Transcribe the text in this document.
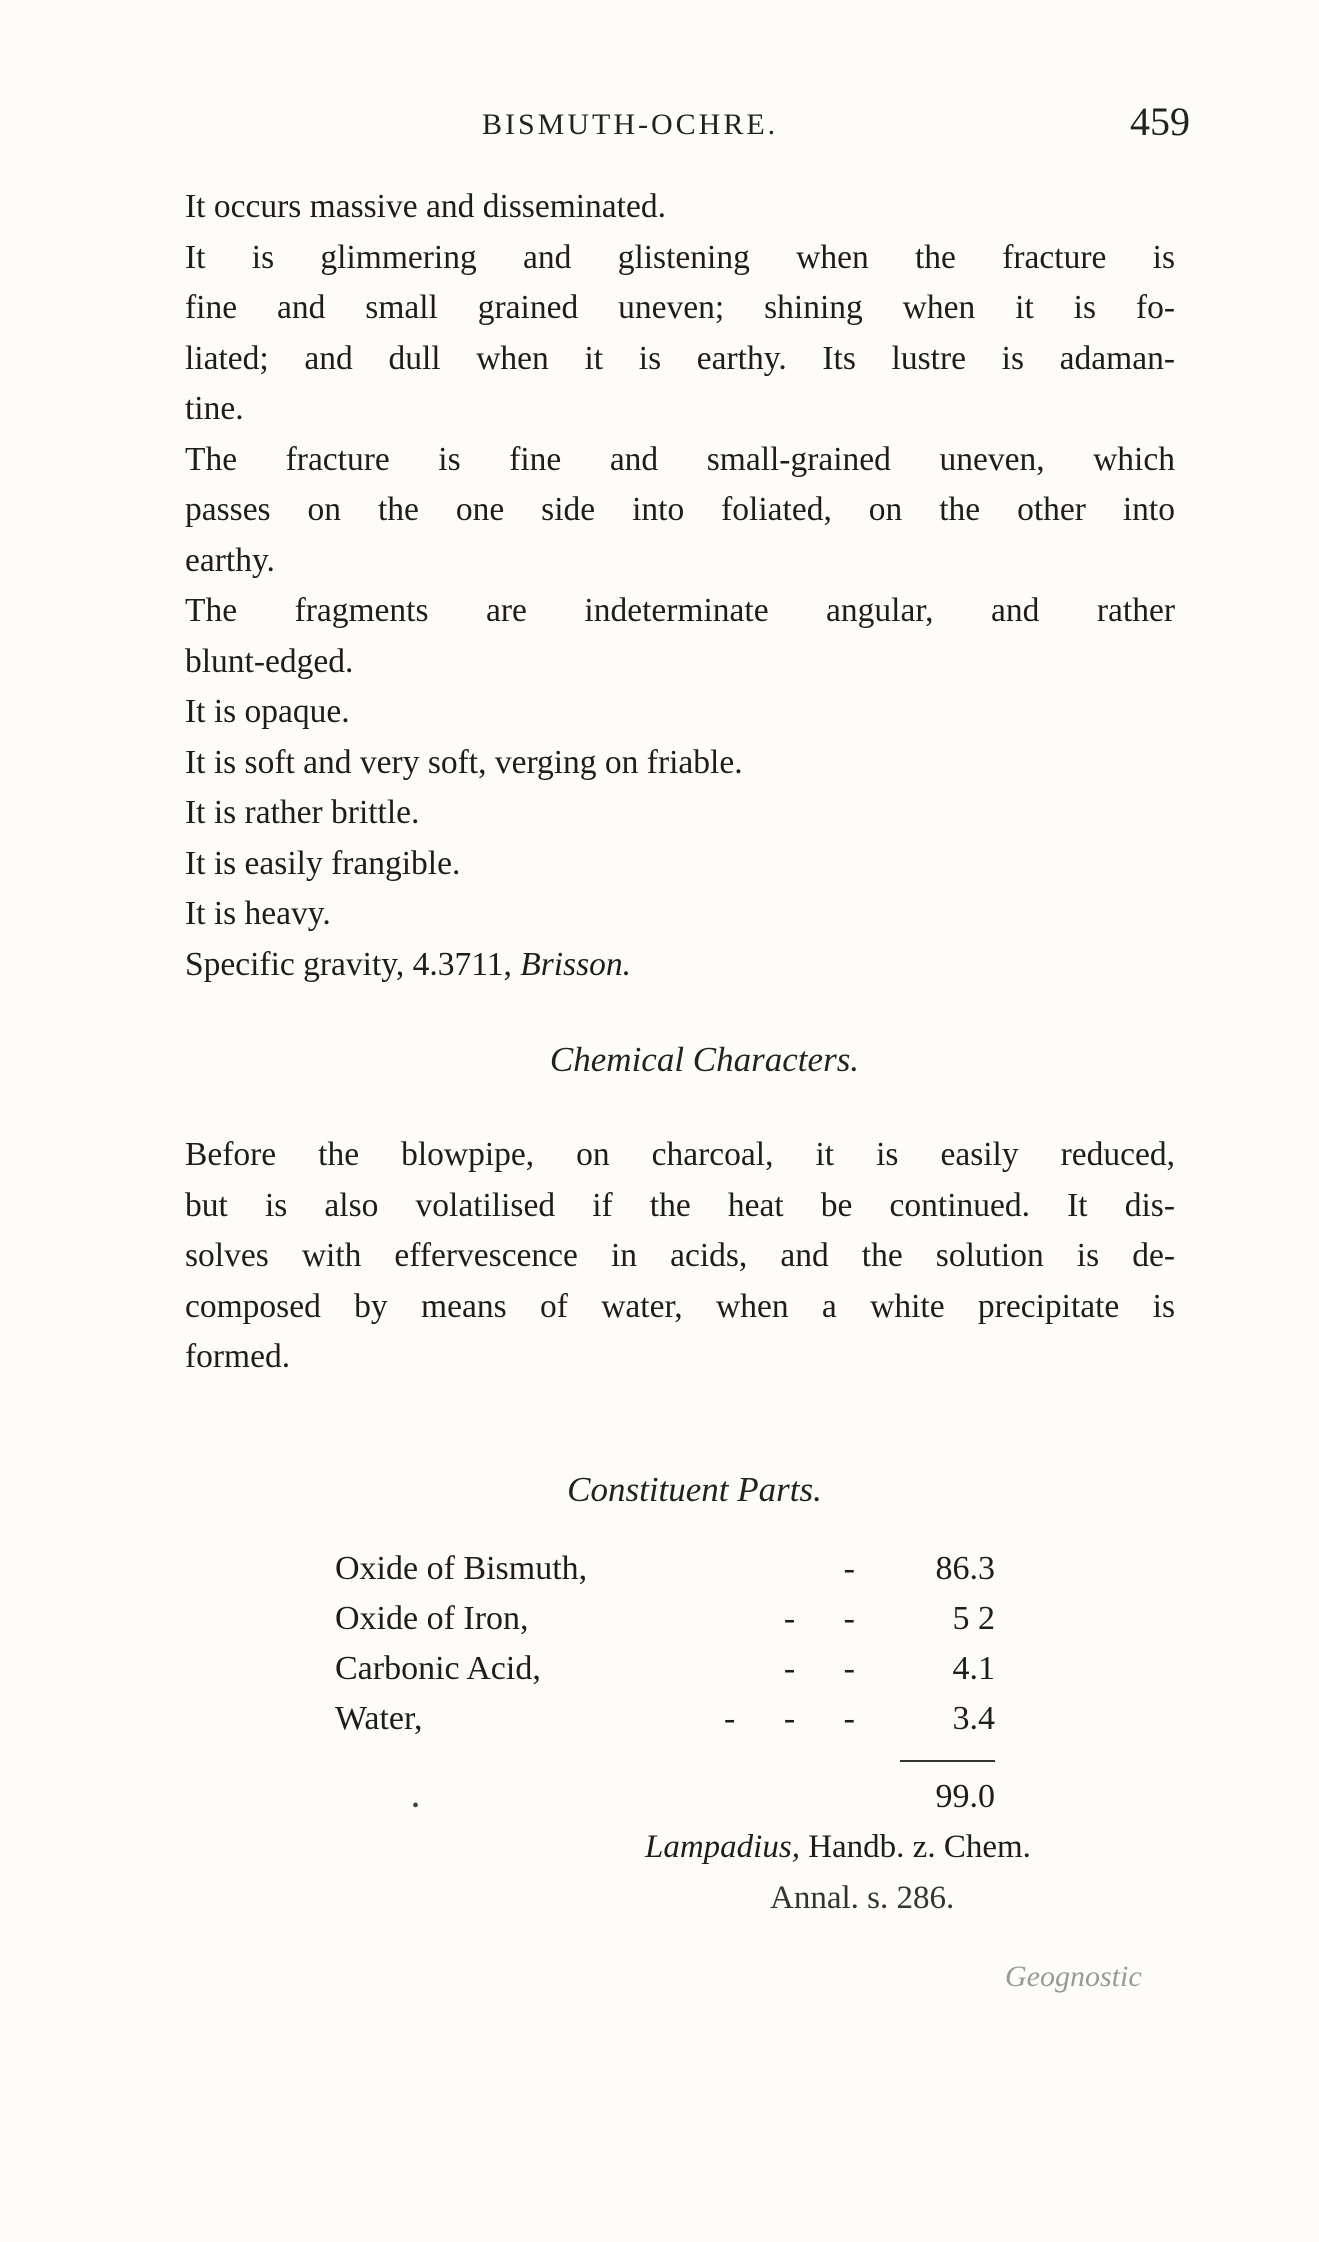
BISMUTH-OCHRE.	459
It occurs massive and disseminated.
It is glimmering and glistening when the fracture is
fine and small grained uneven; shining when it is fo-
liated; and dull when it is earthy. Its lustre is adaman-
tine.
The fracture is fine and small-grained uneven, which
passes on the one side into foliated, on the other into
earthy.
The fragments are indeterminate angular, and rather
blunt-edged.
It is opaque.
It is soft and very soft, verging on friable.
It is rather brittle.
It is easily frangible.
It is heavy.
Specific gravity, 4.3711, Brisson.
Chemical Characters.
Before the blowpipe, on charcoal, it is easily reduced,
but is also volatilised if the heat be continued. It dis-
solves with effervescence in acids, and the solution is de-
composed by means of water, when a white precipitate is
formed.
Constituent Parts.
Oxide of Bismuth,	-	86.3
Oxide of Iron,	- -	5 2
Carbonic Acid,	- -	4.1
Water,	- - -	3.4
•	99.0
Lampadius, Handb. z. Chem.
Annal. s. 286.
Geognostic
